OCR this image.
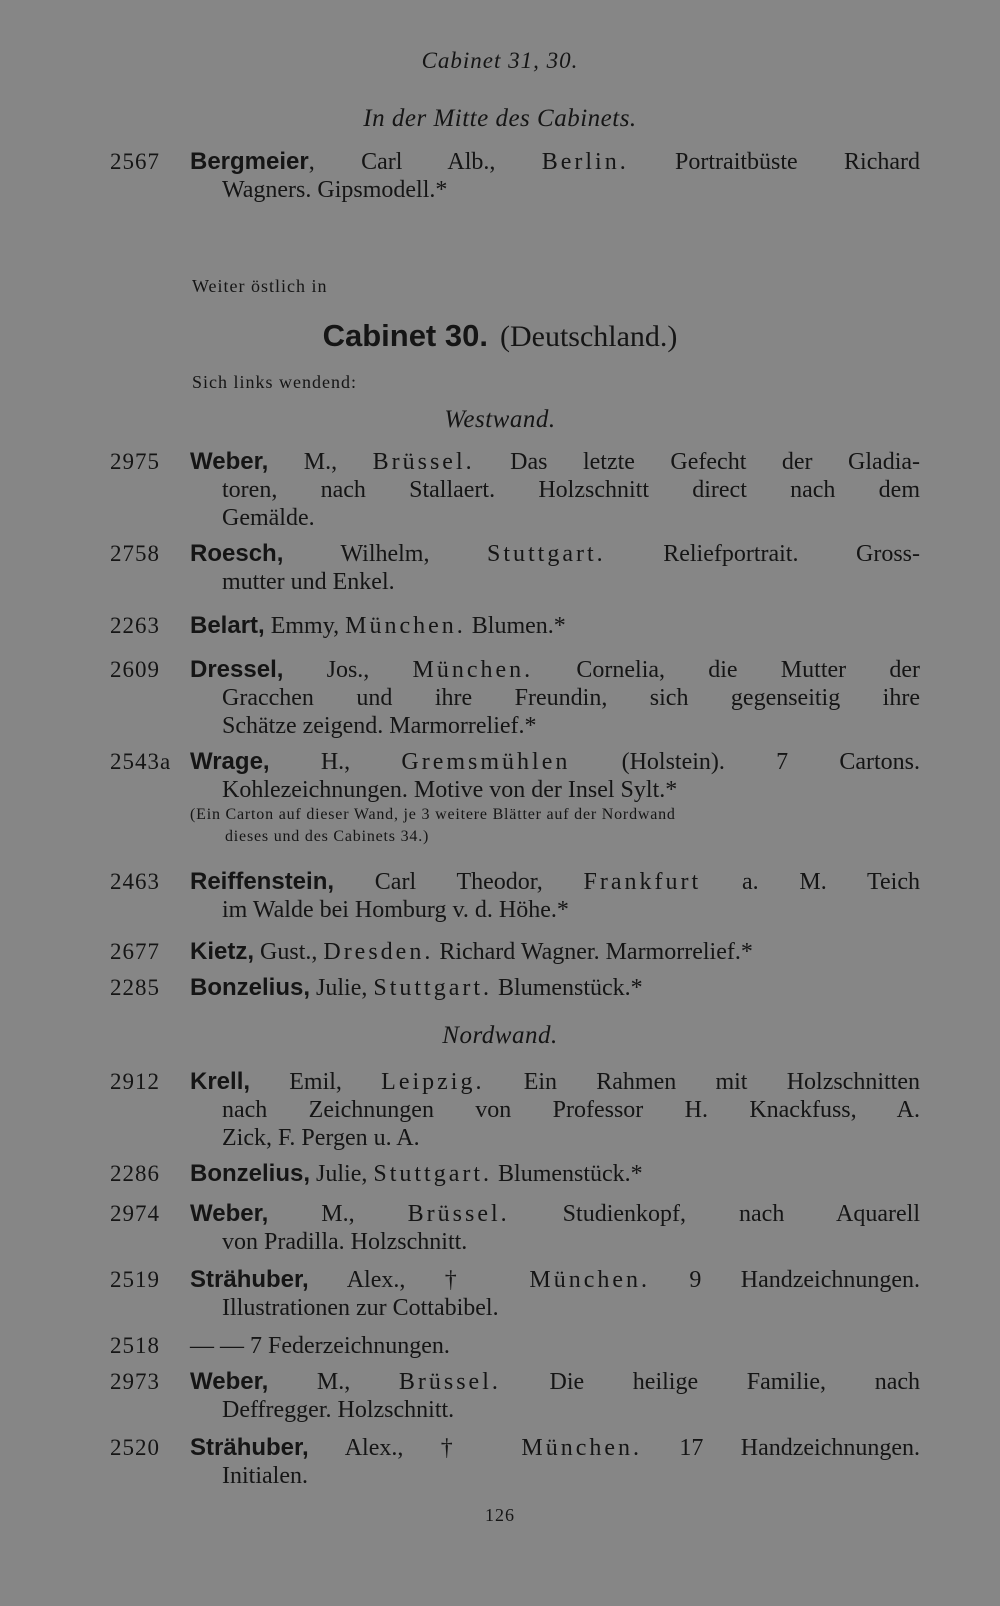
Cabinet 31, 30.
In der Mitte des Cabinets.
2567	Bergmeier, Carl Alb., Berlin. Portraitbüste Richard
Wagners. Gipsmodell.*
Weiter östlich in
Cabinet 30. (Deutschland.)
Sich links wendend:
Westwand.
2975	Weber, M., Brüssel. Das letzte Gefecht der Gladia-
toren, nach Stallaert. Holzschnitt direct nach dem
Gemälde.
2758	Roesch, Wilhelm, Stuttgart. Reliefportrait. Gross-
mutter und Enkel.
2263	Belart, Emmy, München. Blumen.*
2609	Dressel, Jos., München. Cornelia, die Mutter der
Gracchen und ihre Freundin, sich gegenseitig ihre
Schätze zeigend. Marmorrelief.*
2543a Wrage, H., Gremsmühlen (Holstein). 7 Cartons.
Kohlezeichnungen. Motive von der Insel Sylt.*
(Ein Carton auf dieser Wand, je 3 weitere Blätter auf der Nordwand
dieses und des Cabinets 34.)
2463	Reiffenstein, Carl Theodor, Frankfurt a. M. Teich
im Walde bei Homburg v. d. Höhe.*
2677	Kietz, Gust., Dresden. Richard Wagner. Marmorrelief.*
2285	Bonzelius, Julie, Stuttgart. Blumenstück.*
Nordwand.
2912	Krell, Emil, Leipzig. Ein Rahmen mit Holzschnitten
nach Zeichnungen von Professor H. Knackfuss, A.
Zick, F. Pergen u. A.
2286	Bonzelius, Julie, Stuttgart. Blumenstück.*
2974	Weber, M., Brüssel. Studienkopf, nach Aquarell
von Pradilla. Holzschnitt.
2519	Strähuber, Alex., † München. 9 Handzeichnungen.
Illustrationen zur Cottabibel.
2518	— — 7 Federzeichnungen.
2973	Weber, M., Brüssel. Die heilige Familie, nach
Deffregger. Holzschnitt.
2520	Strähuber, Alex., † München. 17 Handzeichnungen.
Initialen.
126
